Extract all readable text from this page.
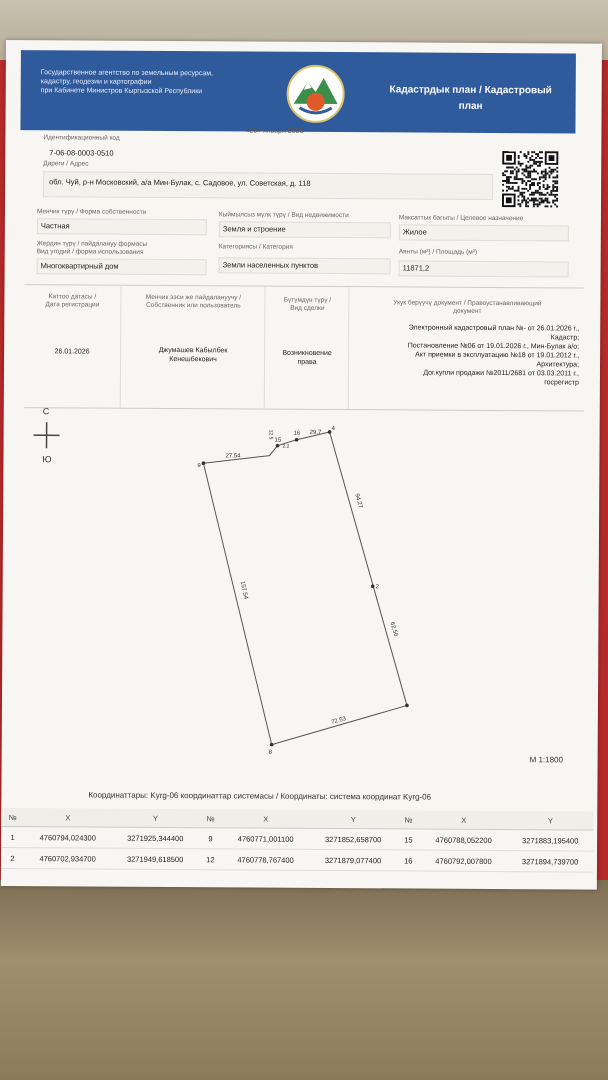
Государственное агентство по земельным ресурсам,
кадастру, геодезии и картографии
при Кабинете Министров Кыргызской Республики	Кадастрдык план / Кадастровый
план
«26» января 2026
Идентификационный код
7-06-08-0003-0510
Дареги / Адрес
обл. Чуй, р-н Московский, а/а Мин-Булак, с. Садовое, ул. Советская, д. 118
Менчик түрү / Форма собственности
Частная
Кыймылсыз мүлк түрү / Вид недвижимости
Земля и строение
Максаттык багыты / Целевое назначение
Жилое
Жердин түрү / пайдалануу формасы
Вид угодий / форма использования
Многоквартирный дом
Категориясы / Категория
Земли населенных пунктов
Аянты (м²) / Площадь (м²)
11871,2
Каттоо датасы /
Дата регистрации
26.01.2026
Менчик ээси же пайдалануучу /
Собственник или пользователь
Джумашев Кабылбек
Кенешбекович
Бүтүмдүн түрү /
Вид сделки
Возникновение
права
Укук берүүчү документ / Правоустанавливающий
документ
Электронный кадастровый план №- от 26.01.2026 г.,
Кадастр;
Постановление №06 от 19.01.2026 г., Мин-Булак а/о;
Акт приемки в эксплуатацию №18 от 19.01.2012 г.,
Архитектура;
Дог.купли продажи №2011/2681 от 03.03.2011 г.,
госрегистр
С
Ю
9
15
16
4
2
8
27.54
2.2
12.5	29.7
94.27
62.56
72.53
157.54
М 1:1800
Координаттары: Kyrg-06 координаттар системасы / Координаты: система координат Kyrg-06
№	X	Y	№	X	Y	№	X	Y
1	4760794,024300	3271925,344400	9	4760771,001100	3271852,658700	15	4760788,052200	3271883,195400
2	4760702,934700	3271949,618500	12	4760778,767400	3271879,077400	16	4760792,007800	3271894,739700
